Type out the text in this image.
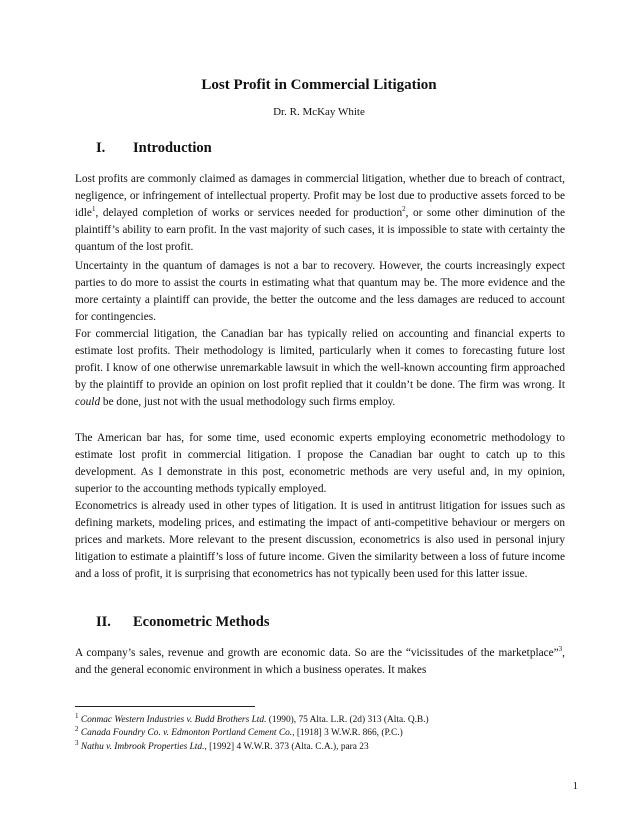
Lost Profit in Commercial Litigation
Dr. R. McKay White
I. Introduction

Lost profits are commonly claimed as damages in commercial litigation, whether due to breach of contract, negligence, or infringement of intellectual property. Profit may be lost due to productive assets forced to be idle$^1$, delayed completion of works or services needed for production$^2$, or some other diminution of the plaintiff’s ability to earn profit. In the vast majority of such cases, it is impossible to state with certainty the quantum of the lost profit.

Uncertainty in the quantum of damages is not a bar to recovery. However, the courts increasingly expect parties to do more to assist the courts in estimating what that quantum may be. The more evidence and the more certainty a plaintiff can provide, the better the outcome and the less damages are reduced to account for contingencies.

For commercial litigation, the Canadian bar has typically relied on accounting and financial experts to estimate lost profits. Their methodology is limited, particularly when it comes to forecasting future lost profit. I know of one otherwise unremarkable lawsuit in which the well-known accounting firm approached by the plaintiff to provide an opinion on lost profit replied that it couldn’t be done. The firm was wrong. It could be done, just not with the usual methodology such firms employ.

The American bar has, for some time, used economic experts employing econometric methodology to estimate lost profit in commercial litigation. I propose the Canadian bar ought to catch up to this development. As I demonstrate in this post, econometric methods are very useful and, in my opinion, superior to the accounting methods typically employed.

Econometrics is already used in other types of litigation. It is used in antitrust litigation for issues such as defining markets, modeling prices, and estimating the impact of anti-competitive behaviour or mergers on prices and markets. More relevant to the present discussion, econometrics is also used in personal injury litigation to estimate a plaintiff’s loss of future income. Given the similarity between a loss of future income and a loss of profit, it is surprising that econometrics has not typically been used for this latter issue.

II. Econometric Methods

A company’s sales, revenue and growth are economic data. So are the “vicissitudes of the marketplace”$^3$, and the general economic environment in which a business operates. It makes

$^1$ Conmac Western Industries v. Budd Brothers Ltd. (1990), 75 Alta. L.R. (2d) 313 (Alta. Q.B.)
$^2$ Canada Foundry Co. v. Edmonton Portland Cement Co., [1918] 3 W.W.R. 866, (P.C.)
$^3$ Nathu v. Imbrook Properties Ltd., [1992] 4 W.W.R. 373 (Alta. C.A.), para 23
1
